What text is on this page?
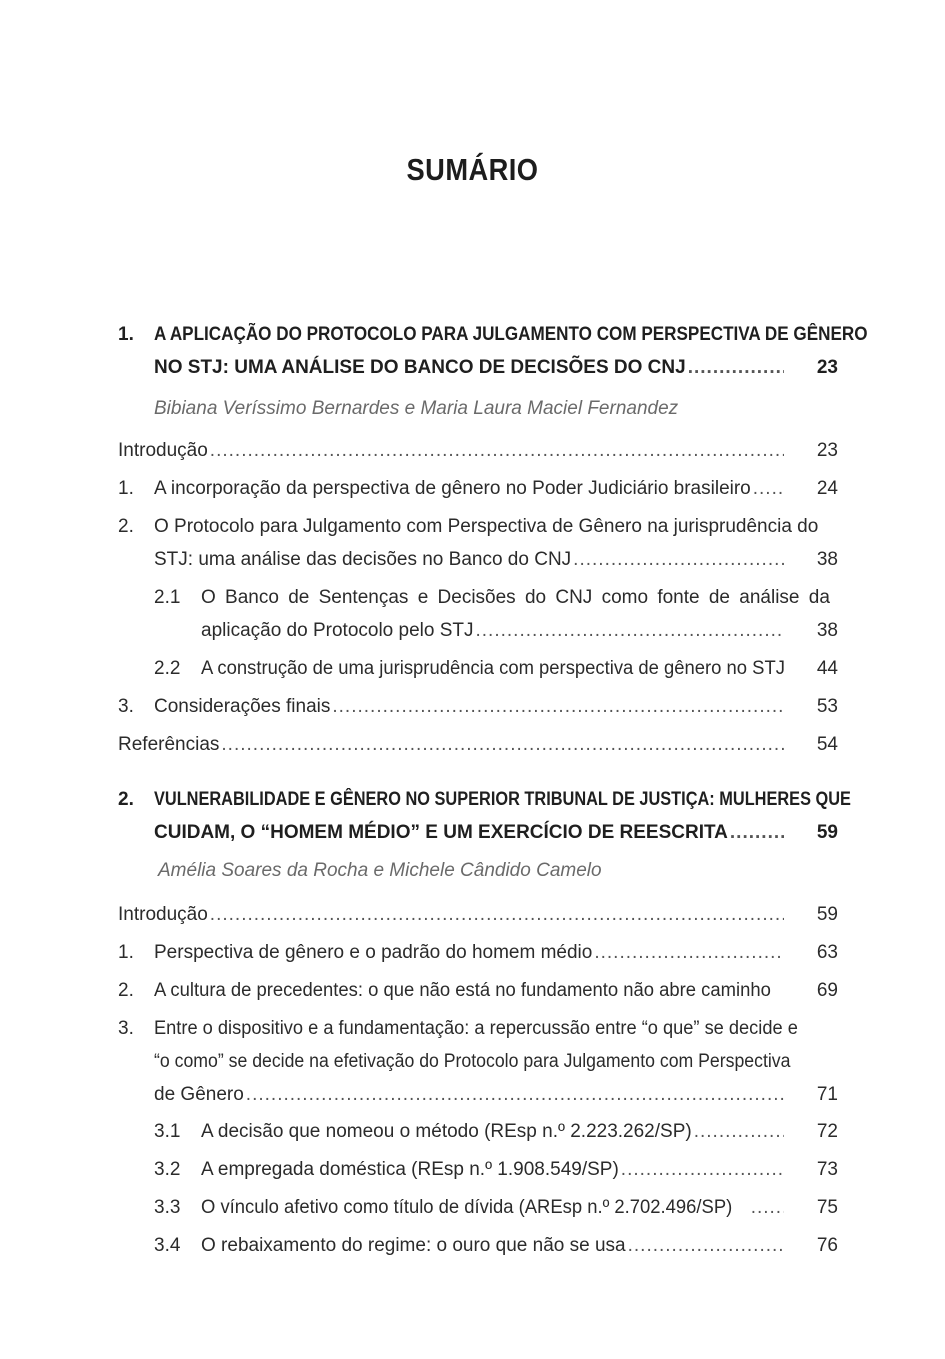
SUMÁRIO
1. A APLICAÇÃO DO PROTOCOLO PARA JULGAMENTO COM PERSPECTIVA DE GÊNERO
NO STJ: UMA ANÁLISE DO BANCO DE DECISÕES DO CNJ .....	23
Bibiana Veríssimo Bernardes e Maria Laura Maciel Fernandez
Introdução .....	23
1. A incorporação da perspectiva de gênero no Poder Judiciário brasileiro .....	24
2. O Protocolo para Julgamento com Perspectiva de Gênero na jurisprudência do
STJ: uma análise das decisões no Banco do CNJ .....	38
2.1 O Banco de Sentenças e Decisões do CNJ como fonte de análise da
aplicação do Protocolo pelo STJ .....	38
2.2 A construção de uma jurisprudência com perspectiva de gênero no STJ	44
3. Considerações finais .....	53
Referências .....	54
2. VULNERABILIDADE E GÊNERO NO SUPERIOR TRIBUNAL DE JUSTIÇA: MULHERES QUE
CUIDAM, O “HOMEM MÉDIO” E UM EXERCÍCIO DE REESCRITA .....	59
Amélia Soares da Rocha e Michele Cândido Camelo
Introdução .....	59
1. Perspectiva de gênero e o padrão do homem médio .....	63
2. A cultura de precedentes: o que não está no fundamento não abre caminho	69
3. Entre o dispositivo e a fundamentação: a repercussão entre “o que” se decide e
“o como” se decide na efetivação do Protocolo para Julgamento com Perspectiva
de Gênero .....	71
3.1 A decisão que nomeou o método (REsp n.º 2.223.262/SP) .....	72
3.2 A empregada doméstica (REsp n.º 1.908.549/SP) .....	73
3.3 O vínculo afetivo como título de dívida (AREsp n.º 2.702.496/SP) .....	75
3.4 O rebaixamento do regime: o ouro que não se usa .....	76
